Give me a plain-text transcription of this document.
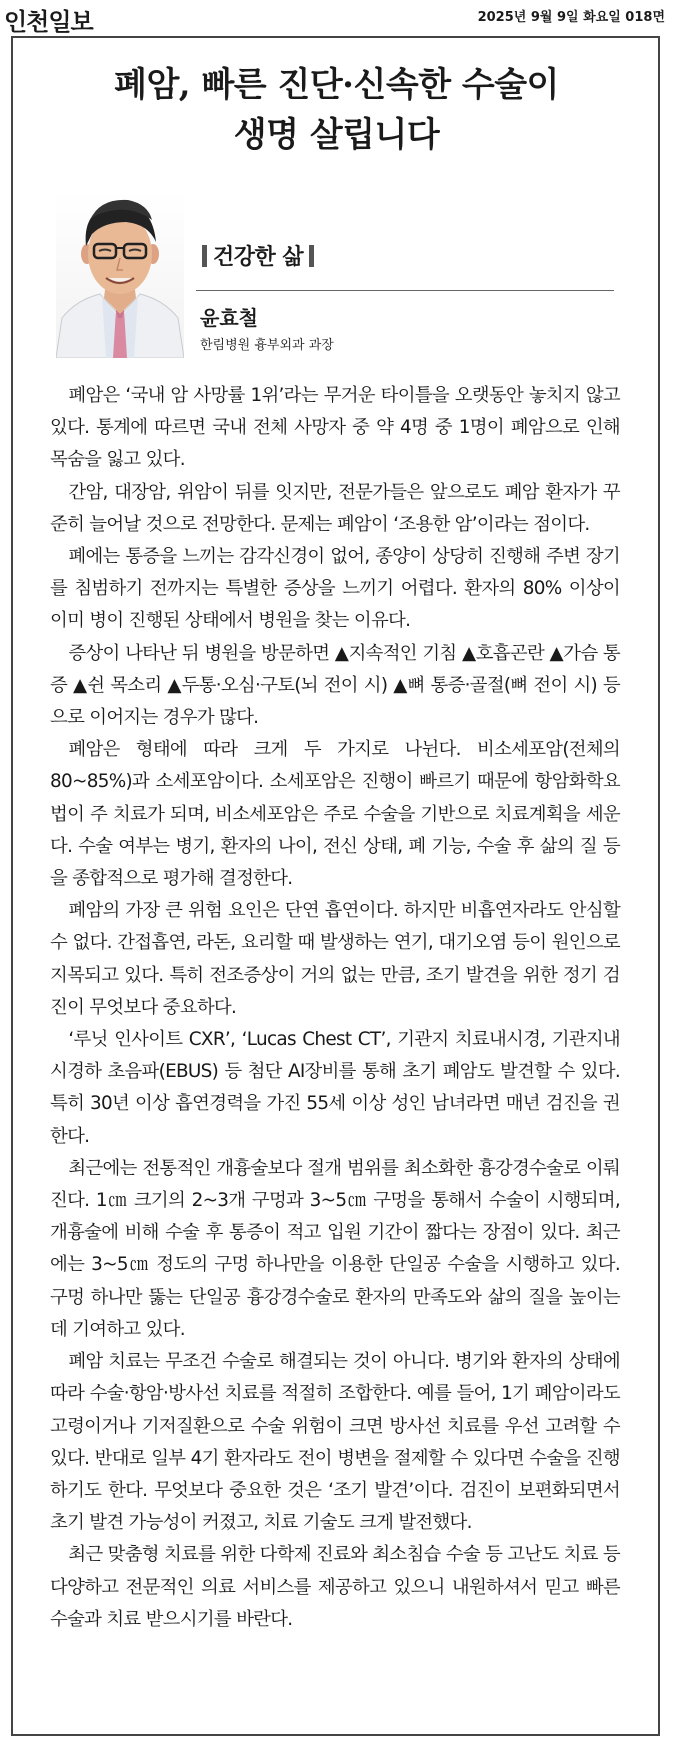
인천일보	2025년 9월 9일 화요일 018면
폐암, 빠른 진단·신속한 수술이
생명 살립니다
건강한 삶
윤효철
한림병원 흉부외과 과장

폐암은 ‘국내 암 사망률 1위’라는 무거운 타이틀을 오랫동안 놓치지 않고 있다. 통계에 따르면 국내 전체 사망자 중 약 4명 중 1명이 폐암으로 인해 목숨을 잃고 있다.

간암, 대장암, 위암이 뒤를 잇지만, 전문가들은 앞으로도 폐암 환자가 꾸준히 늘어날 것으로 전망한다. 문제는 폐암이 ‘조용한 암’이라는 점이다.

폐에는 통증을 느끼는 감각신경이 없어, 종양이 상당히 진행해 주변 장기를 침범하기 전까지는 특별한 증상을 느끼기 어렵다. 환자의 80% 이상이 이미 병이 진행된 상태에서 병원을 찾는 이유다.

증상이 나타난 뒤 병원을 방문하면 ▲지속적인 기침 ▲호흡곤란 ▲가슴 통증 ▲쉰 목소리 ▲두통·오심·구토(뇌 전이 시) ▲뼈 통증·골절(뼈 전이 시) 등으로 이어지는 경우가 많다.

폐암은 형태에 따라 크게 두 가지로 나뉜다. 비소세포암(전체의 80~85%)과 소세포암이다. 소세포암은 진행이 빠르기 때문에 항암화학요법이 주 치료가 되며, 비소세포암은 주로 수술을 기반으로 치료계획을 세운다. 수술 여부는 병기, 환자의 나이, 전신 상태, 폐 기능, 수술 후 삶의 질 등을 종합적으로 평가해 결정한다.

폐암의 가장 큰 위험 요인은 단연 흡연이다. 하지만 비흡연자라도 안심할 수 없다. 간접흡연, 라돈, 요리할 때 발생하는 연기, 대기오염 등이 원인으로 지목되고 있다. 특히 전조증상이 거의 없는 만큼, 조기 발견을 위한 정기 검진이 무엇보다 중요하다.

‘루닛 인사이트 CXR’, ‘Lucas Chest CT’, 기관지 치료내시경, 기관지내시경하 초음파(EBUS) 등 첨단 AI장비를 통해 초기 폐암도 발견할 수 있다. 특히 30년 이상 흡연경력을 가진 55세 이상 성인 남녀라면 매년 검진을 권한다.

최근에는 전통적인 개흉술보다 절개 범위를 최소화한 흉강경수술로 이뤄진다. 1㎝ 크기의 2~3개 구멍과 3~5㎝ 구멍을 통해서 수술이 시행되며, 개흉술에 비해 수술 후 통증이 적고 입원 기간이 짧다는 장점이 있다. 최근에는 3~5㎝ 정도의 구멍 하나만을 이용한 단일공 수술을 시행하고 있다. 구멍 하나만 뚫는 단일공 흉강경수술로 환자의 만족도와 삶의 질을 높이는 데 기여하고 있다.

폐암 치료는 무조건 수술로 해결되는 것이 아니다. 병기와 환자의 상태에 따라 수술·항암·방사선 치료를 적절히 조합한다. 예를 들어, 1기 폐암이라도 고령이거나 기저질환으로 수술 위험이 크면 방사선 치료를 우선 고려할 수 있다. 반대로 일부 4기 환자라도 전이 병변을 절제할 수 있다면 수술을 진행하기도 한다. 무엇보다 중요한 것은 ‘조기 발견’이다. 검진이 보편화되면서 초기 발견 가능성이 커졌고, 치료 기술도 크게 발전했다.

최근 맞춤형 치료를 위한 다학제 진료와 최소침습 수술 등 고난도 치료 등 다양하고 전문적인 의료 서비스를 제공하고 있으니 내원하셔서 믿고 빠른 수술과 치료 받으시기를 바란다.
